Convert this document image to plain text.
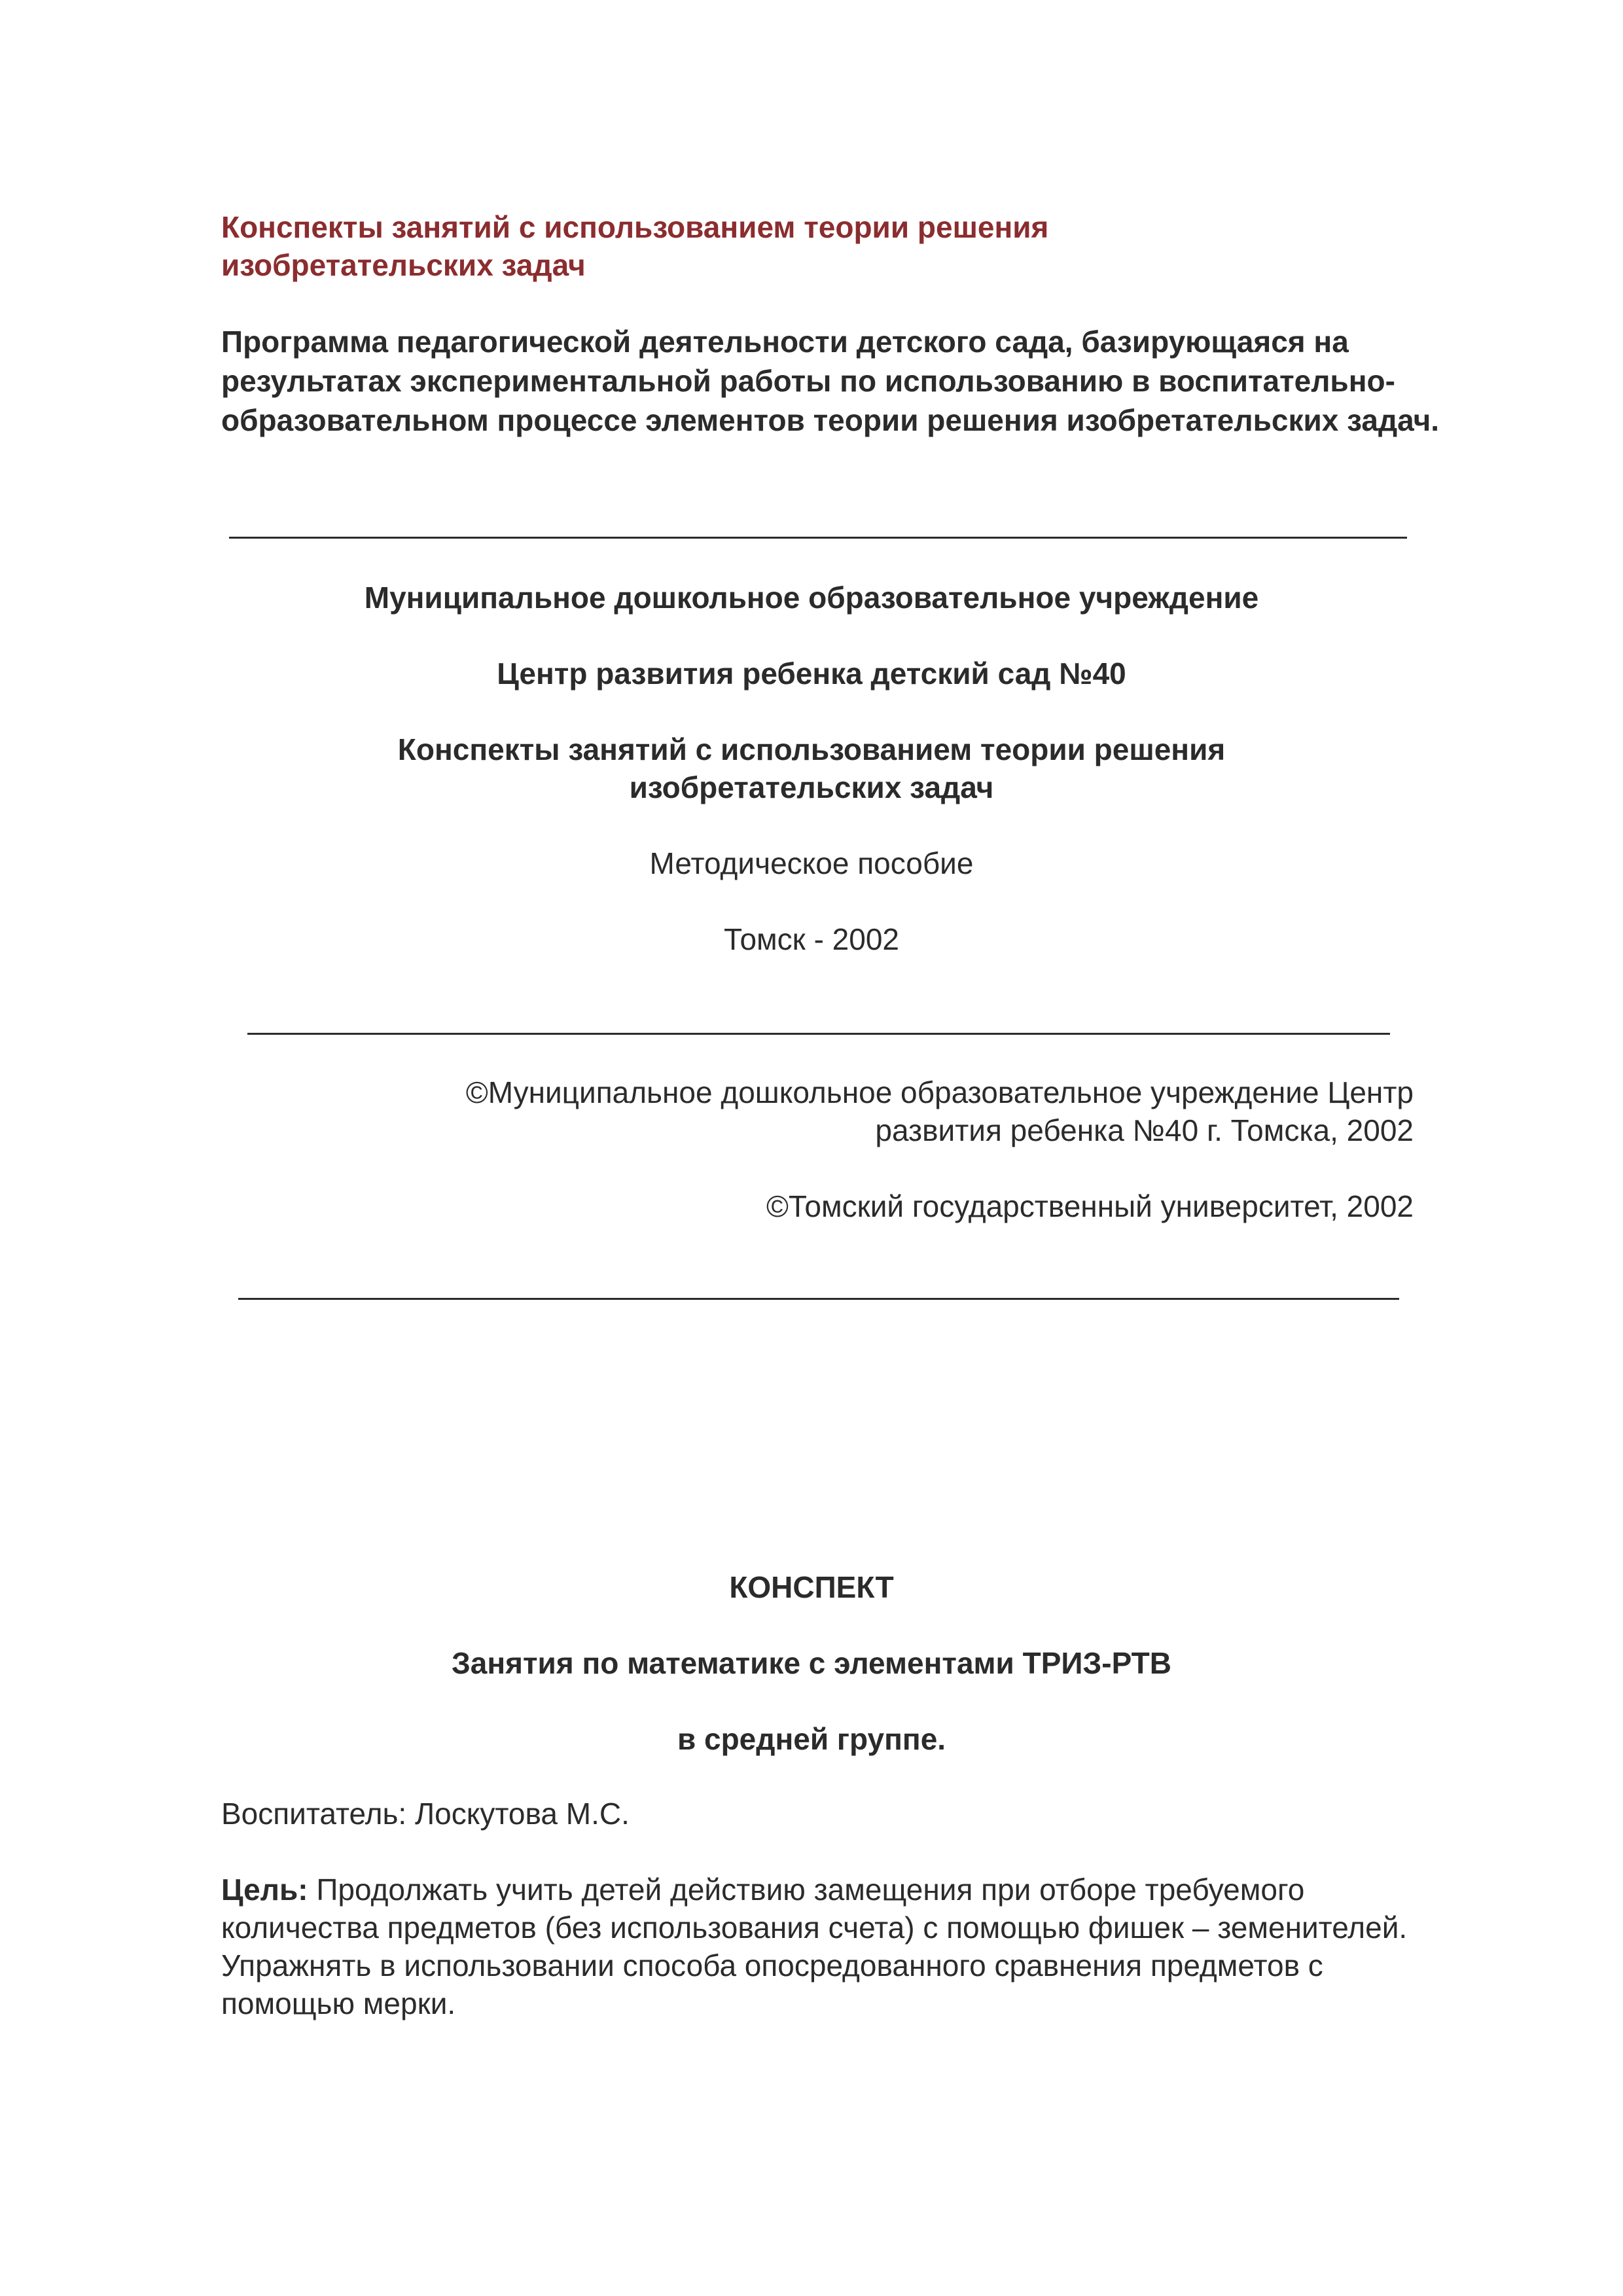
Конспекты занятий с использованием теории решения изобретательских задач

Программа педагогической деятельности детского сада, базирующаяся на результатах экспериментальной работы по использованию в воспитательно-образовательном процессе элементов теории решения изобретательских задач.

Муниципальное дошкольное образовательное учреждение

Центр развития ребенка детский сад №40

Конспекты занятий с использованием теории решения

изобретательских задач

Методическое пособие

Томск - 2002

©Муниципальное дошкольное образовательное учреждение Центр

развития ребенка №40 г. Томска, 2002

©Томский государственный университет, 2002

КОНСПЕКТ

Занятия по математике с элементами ТРИЗ-РТВ

в средней группе.

Воспитатель: Лоскутова М.С.

Цель: Продолжать учить детей действию замещения при отборе требуемого количества предметов (без использования счета) с помощью фишек – земенителей. Упражнять в использовании способа опосредованного сравнения предметов с помощью мерки.
